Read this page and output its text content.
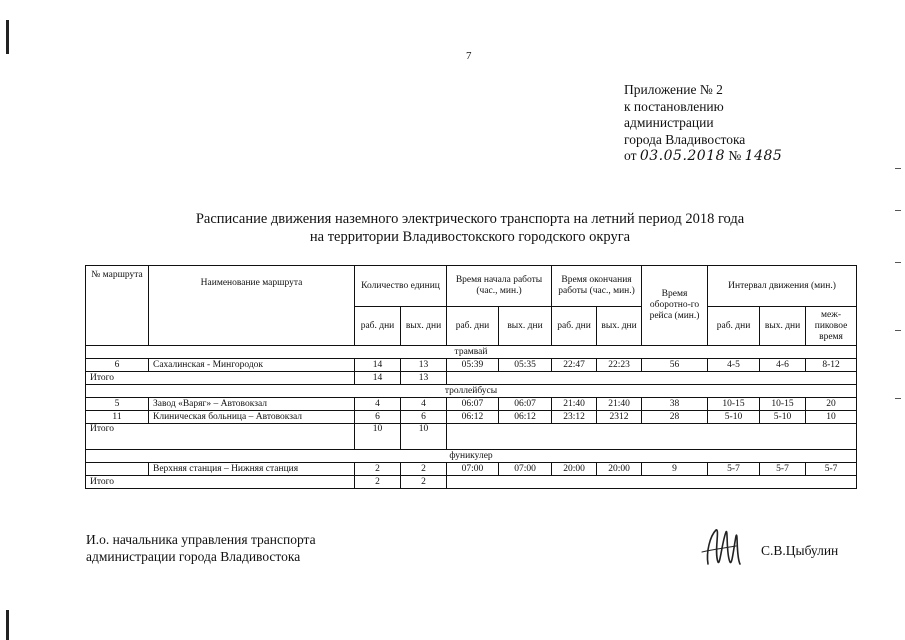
7
Приложение № 2
к постановлению
администрации
города Владивостока
от 03.05.2018 № 1485
Расписание движения наземного электрического транспорта на летний период 2018 года
на территории Владивостокского городского округа
№ маршрута	Наименование маршрута	Количество единиц		Время начала работы (час., мин.)		Время окончания работы (час., мин.)		Время оборотно-го рейса (мин.)	Интервал движения (мин.)		
		раб. дни	вых. дни	раб. дни	вых. дни	раб. дни	вых. дни		раб. дни	вых. дни	меж-пиковое время
трамвай											
6	Сахалинская - Мингородок	14	13	05:39	05:35	22:47	22:23	56	4-5	4-6	8-12
Итого		14	13								
троллейбусы											
5	Завод «Варяг» – Автовокзал	4	4	06:07	06:07	21:40	21:40	38	10-15	10-15	20
11	Клиническая больница – Автовокзал	6	6	06:12	06:12	23:12	2312	28	5-10	5-10	10
Итого		10	10								
фуникулер											
	Верхняя станция – Нижняя станция	2	2	07:00	07:00	20:00	20:00	9	5-7	5-7	5-7
Итого		2	2								
И.о. начальника управления транспорта
администрации города Владивостока	С.В.Цыбулин
